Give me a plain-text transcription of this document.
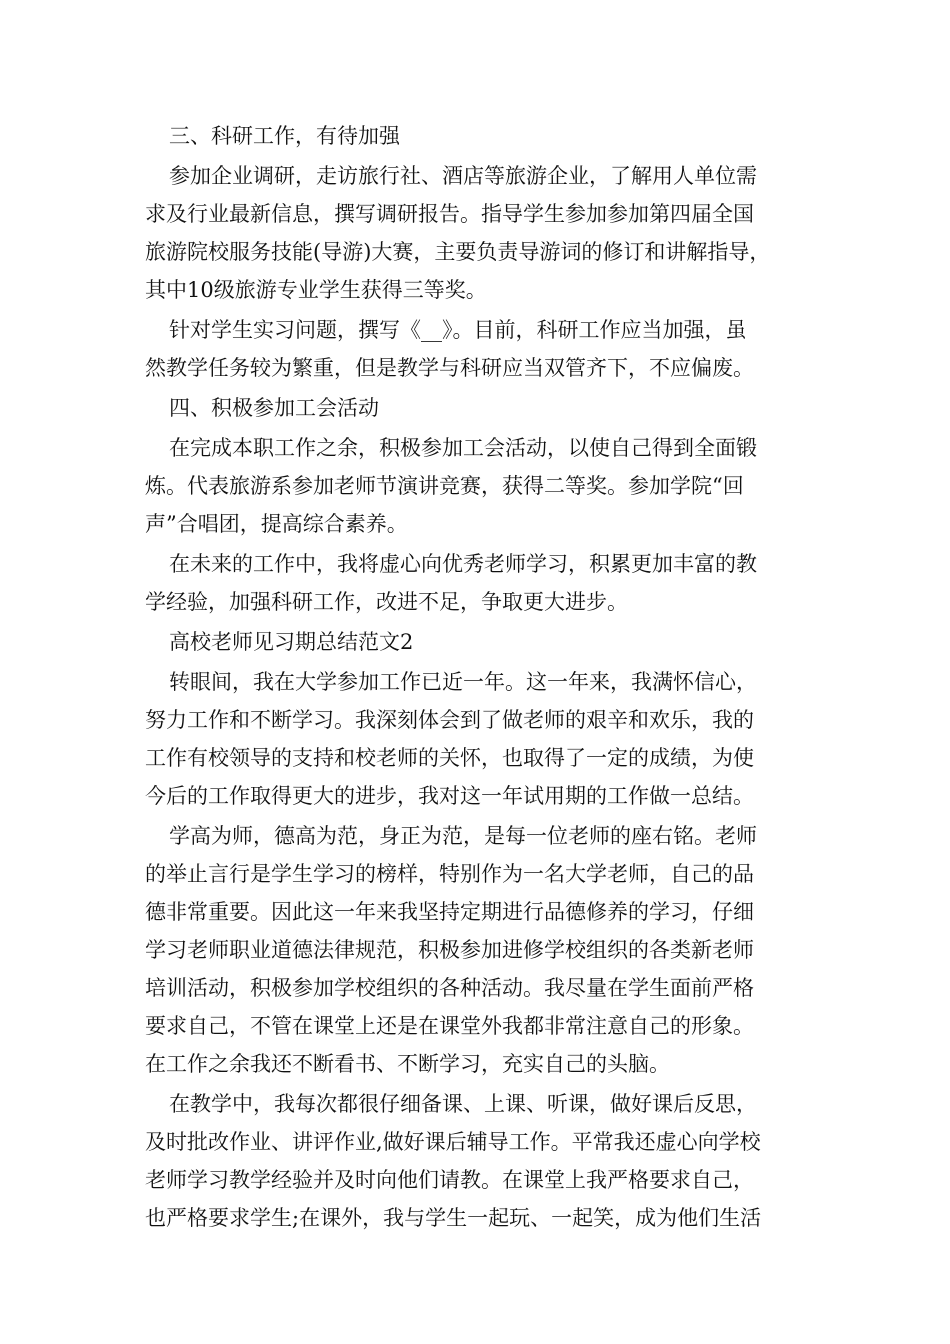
三、科研工作，有待加强
参加企业调研，走访旅行社、酒店等旅游企业，了解用人单位需
求及行业最新信息，撰写调研报告。指导学生参加参加第四届全国
旅游院校服务技能(导游)大赛，主要负责导游词的修订和讲解指导，
其中10级旅游专业学生获得三等奖。
针对学生实习问题，撰写《__》。目前，科研工作应当加强，虽
然教学任务较为繁重，但是教学与科研应当双管齐下，不应偏废。
四、积极参加工会活动
在完成本职工作之余，积极参加工会活动，以使自己得到全面锻
炼。代表旅游系参加老师节演讲竞赛，获得二等奖。参加学院“回
声”合唱团，提高综合素养。
在未来的工作中，我将虚心向优秀老师学习，积累更加丰富的教
学经验，加强科研工作，改进不足，争取更大进步。
高校老师见习期总结范文2
转眼间，我在大学参加工作已近一年。这一年来，我满怀信心，
努力工作和不断学习。我深刻体会到了做老师的艰辛和欢乐，我的
工作有校领导的支持和校老师的关怀，也取得了一定的成绩，为使
今后的工作取得更大的进步，我对这一年试用期的工作做一总结。
学高为师，德高为范，身正为范，是每一位老师的座右铭。老师
的举止言行是学生学习的榜样，特别作为一名大学老师，自己的品
德非常重要。因此这一年来我坚持定期进行品德修养的学习，仔细
学习老师职业道德法律规范，积极参加进修学校组织的各类新老师
培训活动，积极参加学校组织的各种活动。我尽量在学生面前严格
要求自己，不管在课堂上还是在课堂外我都非常注意自己的形象。
在工作之余我还不断看书、不断学习，充实自己的头脑。
在教学中，我每次都很仔细备课、上课、听课，做好课后反思，
及时批改作业、讲评作业,做好课后辅导工作。平常我还虚心向学校
老师学习教学经验并及时向他们请教。在课堂上我严格要求自己，
也严格要求学生;在课外，我与学生一起玩、一起笑，成为他们生活
